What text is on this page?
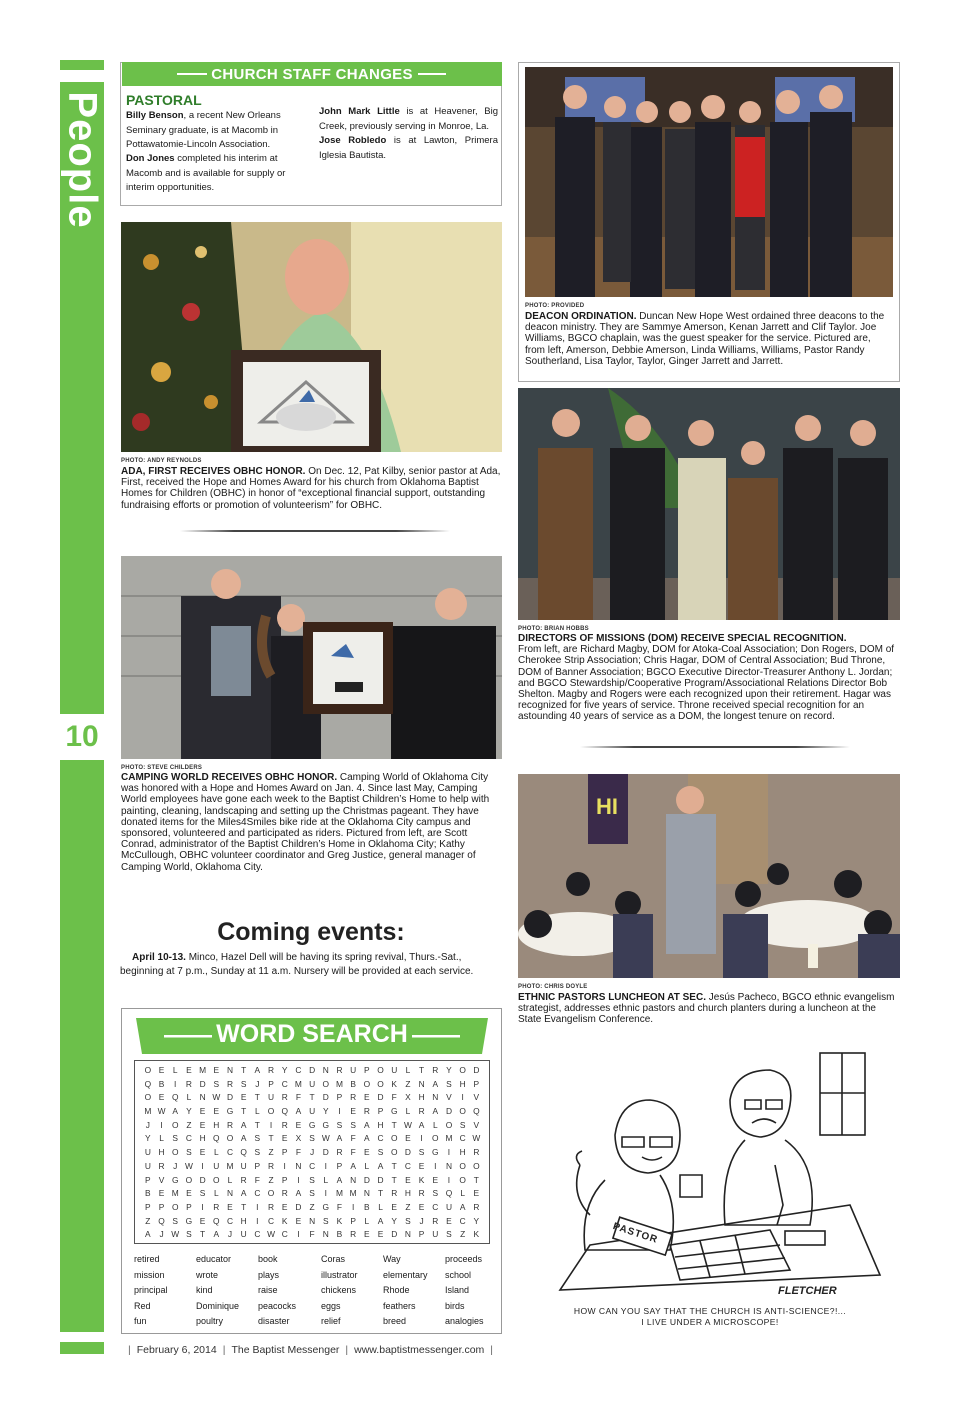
People
10
CHURCH STAFF CHANGES
PASTORAL
Billy Benson, a recent New Orleans Seminary graduate, is at Macomb in Pottawatomie-Lincoln Association.
Don Jones completed his interim at Macomb and is available for supply or interim opportunities.
John Mark Little is at Heavener, Big Creek, previously serving in Monroe, La.
Jose Robledo is at Lawton, Primera Iglesia Bautista.
PHOTO: ANDY REYNOLDS
ADA, FIRST RECEIVES OBHC HONOR. On Dec. 12, Pat Kilby, senior pastor at Ada, First, received the Hope and Homes Award for his church from Oklahoma Baptist Homes for Children (OBHC) in honor of “exceptional financial support, outstanding fundraising efforts or promotion of volunteerism” for OBHC.
PHOTO: PROVIDED
DEACON ORDINATION. Duncan New Hope West ordained three deacons to the deacon ministry. They are Sammye Amerson, Kenan Jarrett and Clif Taylor. Joe Williams, BGCO chaplain, was the guest speaker for the service. Pictured are, from left, Amerson, Debbie Amerson, Linda Williams, Williams, Pastor Randy Southerland, Lisa Taylor, Taylor, Ginger Jarrett and Jarrett.
PHOTO: BRIAN HOBBS
DIRECTORS OF MISSIONS (DOM) RECEIVE SPECIAL RECOGNITION.
From left, are Richard Magby, DOM for Atoka-Coal Association; Don Rogers, DOM of Cherokee Strip Association; Chris Hagar, DOM of Central Association; Bud Throne, DOM of Banner Association; BGCO Executive Director-Treasurer Anthony L. Jordan; and BGCO Stewardship/Cooperative Program/Associational Relations Director Bob Shelton. Magby and Rogers were each recognized upon their retirement. Hagar was recognized for five years of service. Throne received special recognition for an astounding 40 years of service as a DOM, the longest tenure on record.
PHOTO: STEVE CHILDERS
CAMPING WORLD RECEIVES OBHC HONOR. Camping World of Oklahoma City was honored with a Hope and Homes Award on Jan. 4. Since last May, Camping World employees have gone each week to the Baptist Children’s Home to help with painting, cleaning, landscaping and setting up the Christmas pageant. They have donated items for the Miles4Smiles bike ride at the Oklahoma City campus and sponsored, volunteered and participated as riders. Pictured from left, are Scott Conrad, administrator of the Baptist Children’s Home in Oklahoma City; Kathy McCullough, OBHC volunteer coordinator and Greg Justice, general manager of Camping World, Oklahoma City.
HI
PHOTO: CHRIS DOYLE
ETHNIC PASTORS LUNCHEON AT SEC. Jesús Pacheco, BGCO ethnic evangelism strategist, addresses ethnic pastors and church planters during a luncheon at the State Evangelism Conference.
Coming events:
April 10-13. Minco, Hazel Dell will be having its spring revival, Thurs.-Sat., beginning at 7 p.m., Sunday at 11 a.m. Nursery will be provided at each service.
WORD SEARCH
O E	L	E M E N T A R Y C D N R U P O U L	T R Y O D
Q B	I	R D S R S	J	P C M U O M B O O K Z N A S H P
O E Q L N W D E T U R F	T D P R E D F X H N V	I	V
M W A Y E E G T	L O Q A U Y	I	E R P G L R A D O Q
J	I	O Z E H R A T	I	R E G G S S A H T W A	L O S V
Y	L	S C H Q O A S T E X S W A F A C O E	I	O M C W
U H O S E	L C Q S Z P F	J	D R F E S O D S G	I	H R
U R	J W	I	U M U P R	I	N C	I	P A	L	A T C E	I	N O O
P V G O D O L R F	Z P	I	S	L	A N D D T E K E	I	O T
B E M E S	L N A C O R A S	I	M M N T R H R S Q L	E
P P O P	I	R E T	I	R E D Z G F	I	B	L	E Z E C U A R
Z Q S G E Q C H	I	C K E N S K P	L	A Y S	J	R E C Y
A	J W S T A	J	U C W C	I	F N B R E E D N P U S Z K
retired	educator	book	Coras	Way	proceeds
mission	wrote	plays	illustrator	elementary	school
principal	kind	raise	chickens	Rhode	Island
Red	Dominique	peacocks	eggs	feathers	birds
fun	poultry	disaster	relief	breed	analogies
PASTOR
FLETCHER
HOW CAN YOU SAY THAT THE CHURCH IS ANTI-SCIENCE?!...
I LIVE UNDER A MICROSCOPE!
| February 6, 2014 | The Baptist Messenger | www.baptistmessenger.com |
